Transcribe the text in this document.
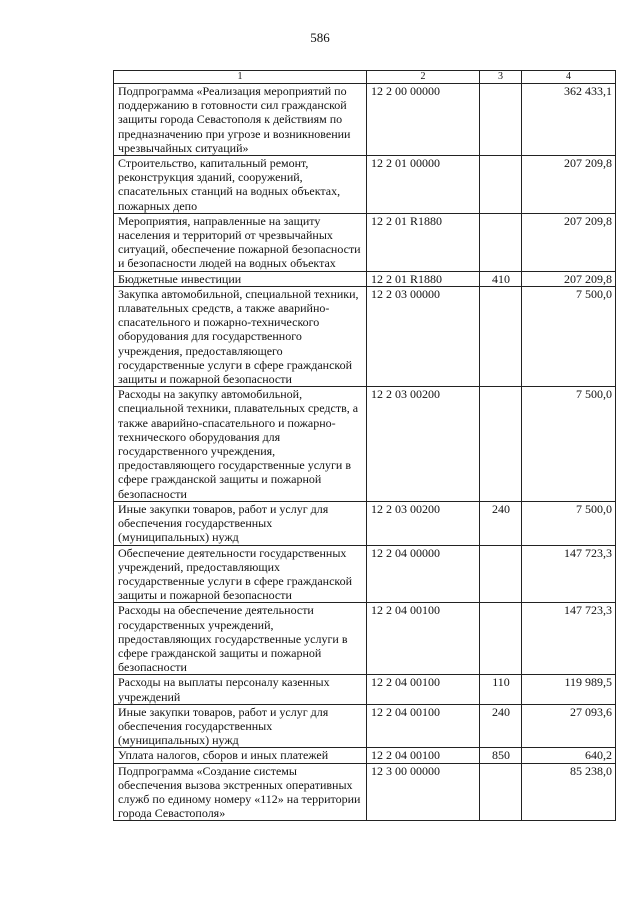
586
1	2	3	4
Подпрограмма «Реализация мероприятий по поддержанию в готовности сил гражданской защиты города Севастополя к действиям по предназначению при угрозе и возникновении чрезвычайных ситуаций»	12 2 00 00000		362 433,1
Строительство, капитальный ремонт, реконструкция зданий, сооружений, спасательных станций на водных объектах, пожарных депо	12 2 01 00000		207 209,8
Мероприятия, направленные на защиту населения и территорий от чрезвычайных ситуаций, обеспечение пожарной безопасности и безопасности людей на водных объектах	12 2 01 R1880		207 209,8
Бюджетные инвестиции	12 2 01 R1880	410	207 209,8
Закупка автомобильной, специальной техники, плавательных средств, а также аварийно-спасательного и пожарно-технического оборудования для государственного учреждения, предоставляющего государственные услуги в сфере гражданской защиты и пожарной безопасности	12 2 03 00000		7 500,0
Расходы на закупку автомобильной, специальной техники, плавательных средств, а также аварийно-спасательного и пожарно-технического оборудования для государственного учреждения, предоставляющего государственные услуги в сфере гражданской защиты и пожарной безопасности	12 2 03 00200		7 500,0
Иные закупки товаров, работ и услуг для обеспечения государственных (муниципальных) нужд	12 2 03 00200	240	7 500,0
Обеспечение деятельности государственных учреждений, предоставляющих государственные услуги в сфере гражданской защиты и пожарной безопасности	12 2 04 00000		147 723,3
Расходы на обеспечение деятельности государственных учреждений, предоставляющих государственные услуги в сфере гражданской защиты и пожарной безопасности	12 2 04 00100		147 723,3
Расходы на выплаты персоналу казенных учреждений	12 2 04 00100	110	119 989,5
Иные закупки товаров, работ и услуг для обеспечения государственных (муниципальных) нужд	12 2 04 00100	240	27 093,6
Уплата налогов, сборов и иных платежей	12 2 04 00100	850	640,2
Подпрограмма «Создание системы обеспечения вызова экстренных оперативных служб по единому номеру «112» на территории города Севастополя»	12 3 00 00000		85 238,0
